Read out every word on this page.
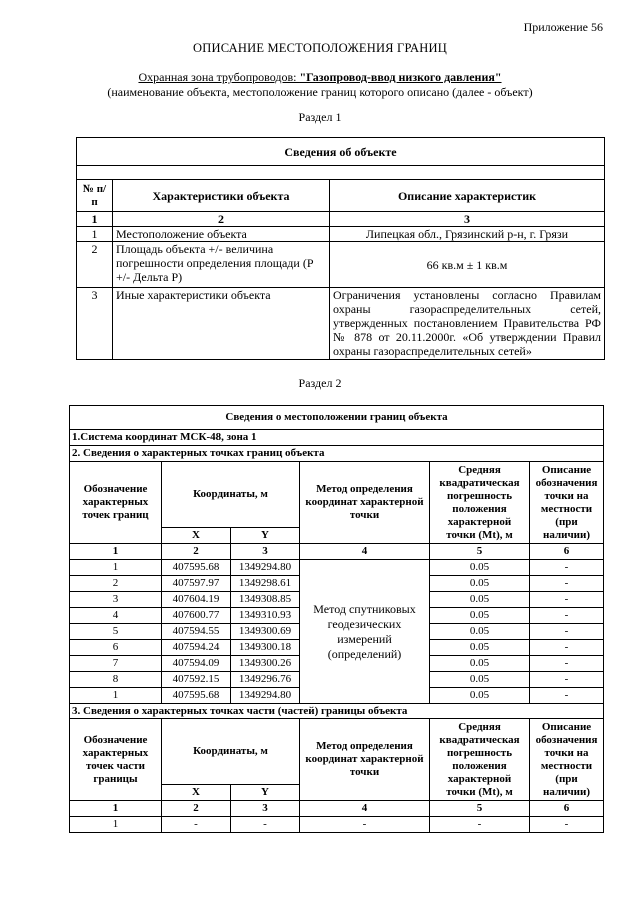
Приложение 56
ОПИСАНИЕ МЕСТОПОЛОЖЕНИЯ ГРАНИЦ
Охранная зона трубопроводов: "Газопровод-ввод низкого давления"
(наименование объекта, местоположение границ которого описано (далее - объект)
Раздел 1
Сведения об объекте		

№ п/п	Характеристики объекта	Описание характеристик
1	2	3
1	Местоположение объекта	Липецкая обл., Грязинский р-н, г. Грязи
2	Площадь объекта +/- величина погрешности определения площади (Р +/- Дельта Р)	66 кв.м ± 1 кв.м
3	Иные характеристики объекта	Ограничения установлены согласно Правилам охраны газораспределительных сетей, утвержденных постановлением Правительства РФ № 878 от 20.11.2000г. «Об утверждении Правил охраны газораспределительных сетей»
Раздел 2
Сведения о местоположении границ объекта					
1.Система координат МСК-48, зона 1					
2. Сведения о характерных точках границ объекта					
Обозначение характерных точек границ	Координаты, м		Метод определения координат характерной точки	Средняя квадратическая погрешность положения характерной точки (Mt), м	Описание обозначения точки на местности (при наличии)
	X	Y			
1	2	3	4	5	6
1	407595.68	1349294.80	Метод спутниковых геодезических измерений (определений)	0.05	-
2	407597.97	1349298.61		0.05	-
3	407604.19	1349308.85		0.05	-
4	407600.77	1349310.93		0.05	-
5	407594.55	1349300.69		0.05	-
6	407594.24	1349300.18		0.05	-
7	407594.09	1349300.26		0.05	-
8	407592.15	1349296.76		0.05	-
1	407595.68	1349294.80		0.05	-
3. Сведения о характерных точках части (частей) границы объекта					
Обозначение характерных точек части границы	Координаты, м		Метод определения координат характерной точки	Средняя квадратическая погрешность положения характерной точки (Mt), м	Описание обозначения точки на местности (при наличии)
	X	Y			
1	2	3	4	5	6
1	-	-	-	-	-
